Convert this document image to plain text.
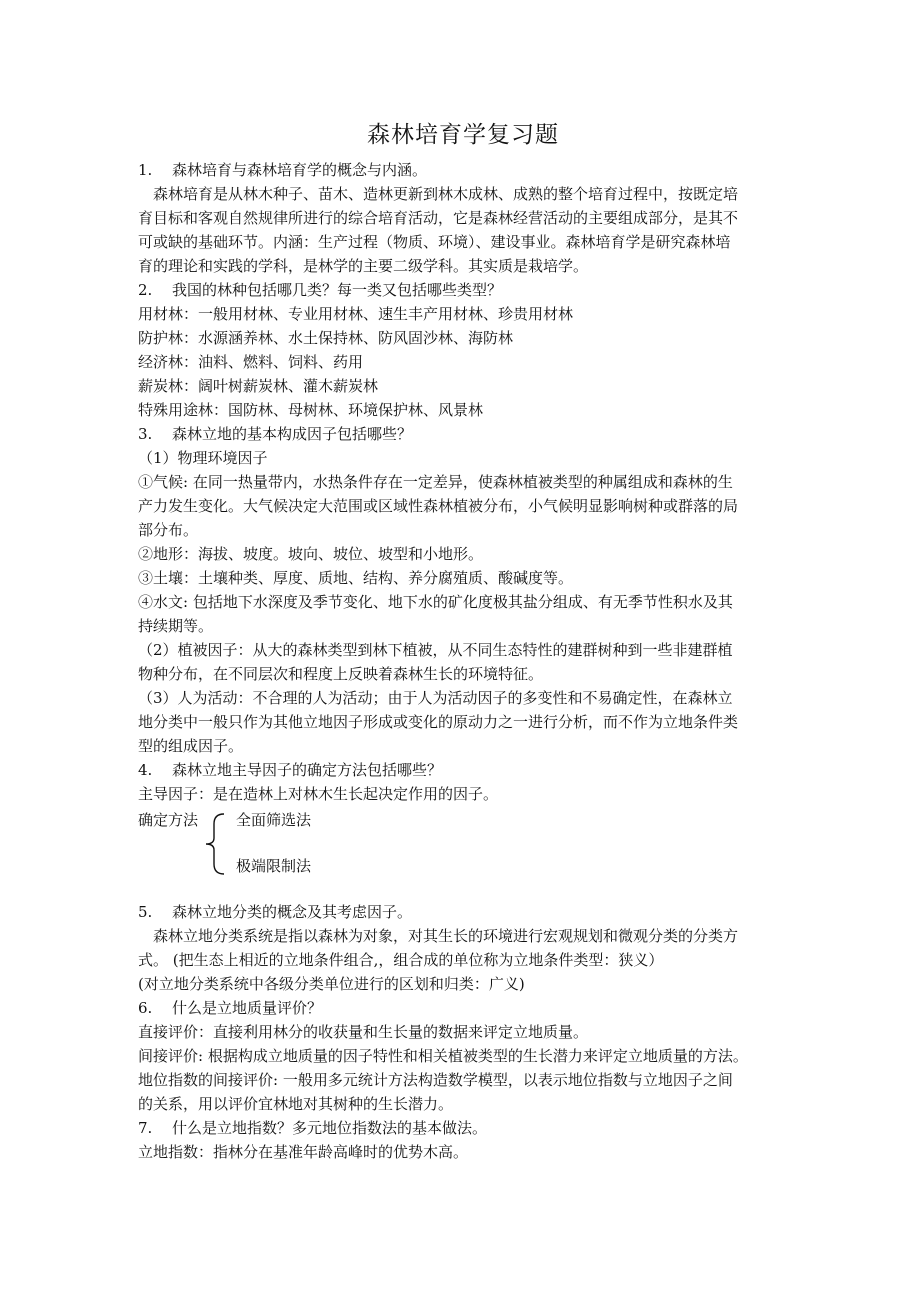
森林培育学复习题
1. 森林培育与森林培育学的概念与内涵。
森林培育是从林木种子、苗木、造林更新到林木成林、成熟的整个培育过程中，按既定培
育目标和客观自然规律所进行的综合培育活动，它是森林经营活动的主要组成部分，是其不
可或缺的基础环节。内涵：生产过程（物质、环境）、建设事业。森林培育学是研究森林培
育的理论和实践的学科，是林学的主要二级学科。其实质是栽培学。
2. 我国的林种包括哪几类？每一类又包括哪些类型？
用材林：一般用材林、专业用材林、速生丰产用材林、珍贵用材林
防护林：水源涵养林、水土保持林、防风固沙林、海防林
经济林：油料、燃料、饲料、药用
薪炭林：阔叶树薪炭林、灌木薪炭林
特殊用途林：国防林、母树林、环境保护林、风景林
3. 森林立地的基本构成因子包括哪些？
（1）物理环境因子
①气候: 在同一热量带内，水热条件存在一定差异，使森林植被类型的种属组成和森林的生
产力发生变化。大气候决定大范围或区域性森林植被分布，小气候明显影响树种或群落的局
部分布。
②地形：海拔、坡度。坡向、坡位、坡型和小地形。
③土壤：土壤种类、厚度、质地、结构、养分腐殖质、酸碱度等。
④水文: 包括地下水深度及季节变化、地下水的矿化度极其盐分组成、有无季节性积水及其
持续期等。
（2）植被因子：从大的森林类型到林下植被，从不同生态特性的建群树种到一些非建群植
物种分布，在不同层次和程度上反映着森林生长的环境特征。
（3）人为活动：不合理的人为活动；由于人为活动因子的多变性和不易确定性，在森林立
地分类中一般只作为其他立地因子形成或变化的原动力之一进行分析，而不作为立地条件类
型的组成因子。
4. 森林立地主导因子的确定方法包括哪些？
主导因子：是在造林上对林木生长起决定作用的因子。
确定方法	全面筛选法
极端限制法
5. 森林立地分类的概念及其考虑因子。
森林立地分类系统是指以森林为对象，对其生长的环境进行宏观规划和微观分类的分类方
式。 (把生态上相近的立地条件组合,，组合成的单位称为立地条件类型：狭义）
(对立地分类系统中各级分类单位进行的区划和归类：广义)
6. 什么是立地质量评价？
直接评价：直接利用林分的收获量和生长量的数据来评定立地质量。
间接评价: 根据构成立地质量的因子特性和相关植被类型的生长潜力来评定立地质量的方法。
地位指数的间接评价: 一般用多元统计方法构造数学模型，以表示地位指数与立地因子之间
的关系，用以评价宜林地对其树种的生长潜力。
7. 什么是立地指数？多元地位指数法的基本做法。
立地指数：指林分在基准年龄高峰时的优势木高。
